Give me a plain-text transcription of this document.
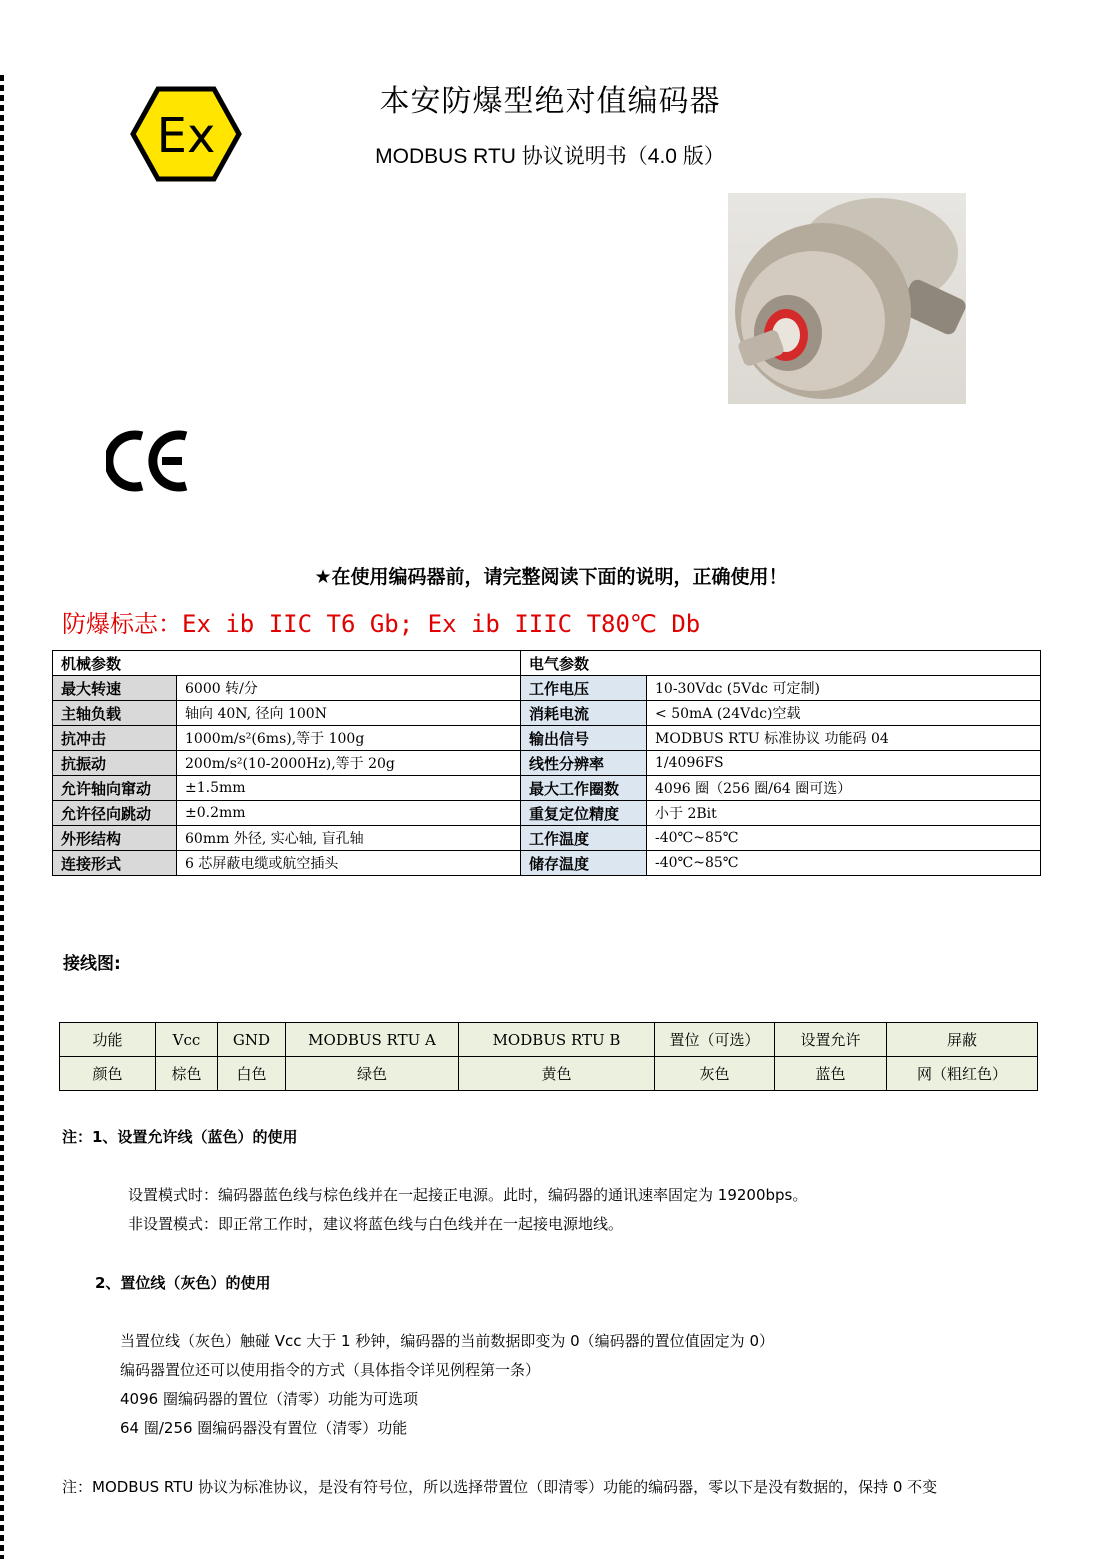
Ex
本安防爆型绝对值编码器
MODBUS RTU 协议说明书（4.0 版）
CE
★在使用编码器前，请完整阅读下面的说明，正确使用！
防爆标志：Ex ib IIC T6 Gb; Ex ib IIIC T80℃ Db
机械参数		电气参数	
最大转速	6000 转/分	工作电压	10-30Vdc (5Vdc 可定制)
主轴负载	轴向 40N, 径向 100N	消耗电流	< 50mA (24Vdc)空载
抗冲击	1000m/s²(6ms),等于 100g	输出信号	MODBUS RTU 标准协议 功能码 04
抗振动	200m/s²(10-2000Hz),等于 20g	线性分辨率	1/4096FS
允许轴向窜动	±1.5mm	最大工作圈数	4096 圈（256 圈/64 圈可选）
允许径向跳动	±0.2mm	重复定位精度	小于 2Bit
外形结构	60mm 外径, 实心轴, 盲孔轴	工作温度	-40℃~85℃
连接形式	6 芯屏蔽电缆或航空插头	储存温度	-40℃~85℃
接线图:
功能	Vcc	GND	MODBUS RTU A	MODBUS RTU B	置位（可选）	设置允许	屏蔽
颜色	棕色	白色	绿色	黄色	灰色	蓝色	网（粗红色）
注：1、设置允许线（蓝色）的使用
设置模式时：编码器蓝色线与棕色线并在一起接正电源。此时，编码器的通讯速率固定为 19200bps。
非设置模式：即正常工作时，建议将蓝色线与白色线并在一起接电源地线。
2、置位线（灰色）的使用
当置位线（灰色）触碰 Vcc 大于 1 秒钟，编码器的当前数据即变为 0（编码器的置位值固定为 0）
编码器置位还可以使用指令的方式（具体指令详见例程第一条）
4096 圈编码器的置位（清零）功能为可选项
64 圈/256 圈编码器没有置位（清零）功能
注：MODBUS RTU 协议为标准协议，是没有符号位，所以选择带置位（即清零）功能的编码器，零以下是没有数据的，保持 0 不变
